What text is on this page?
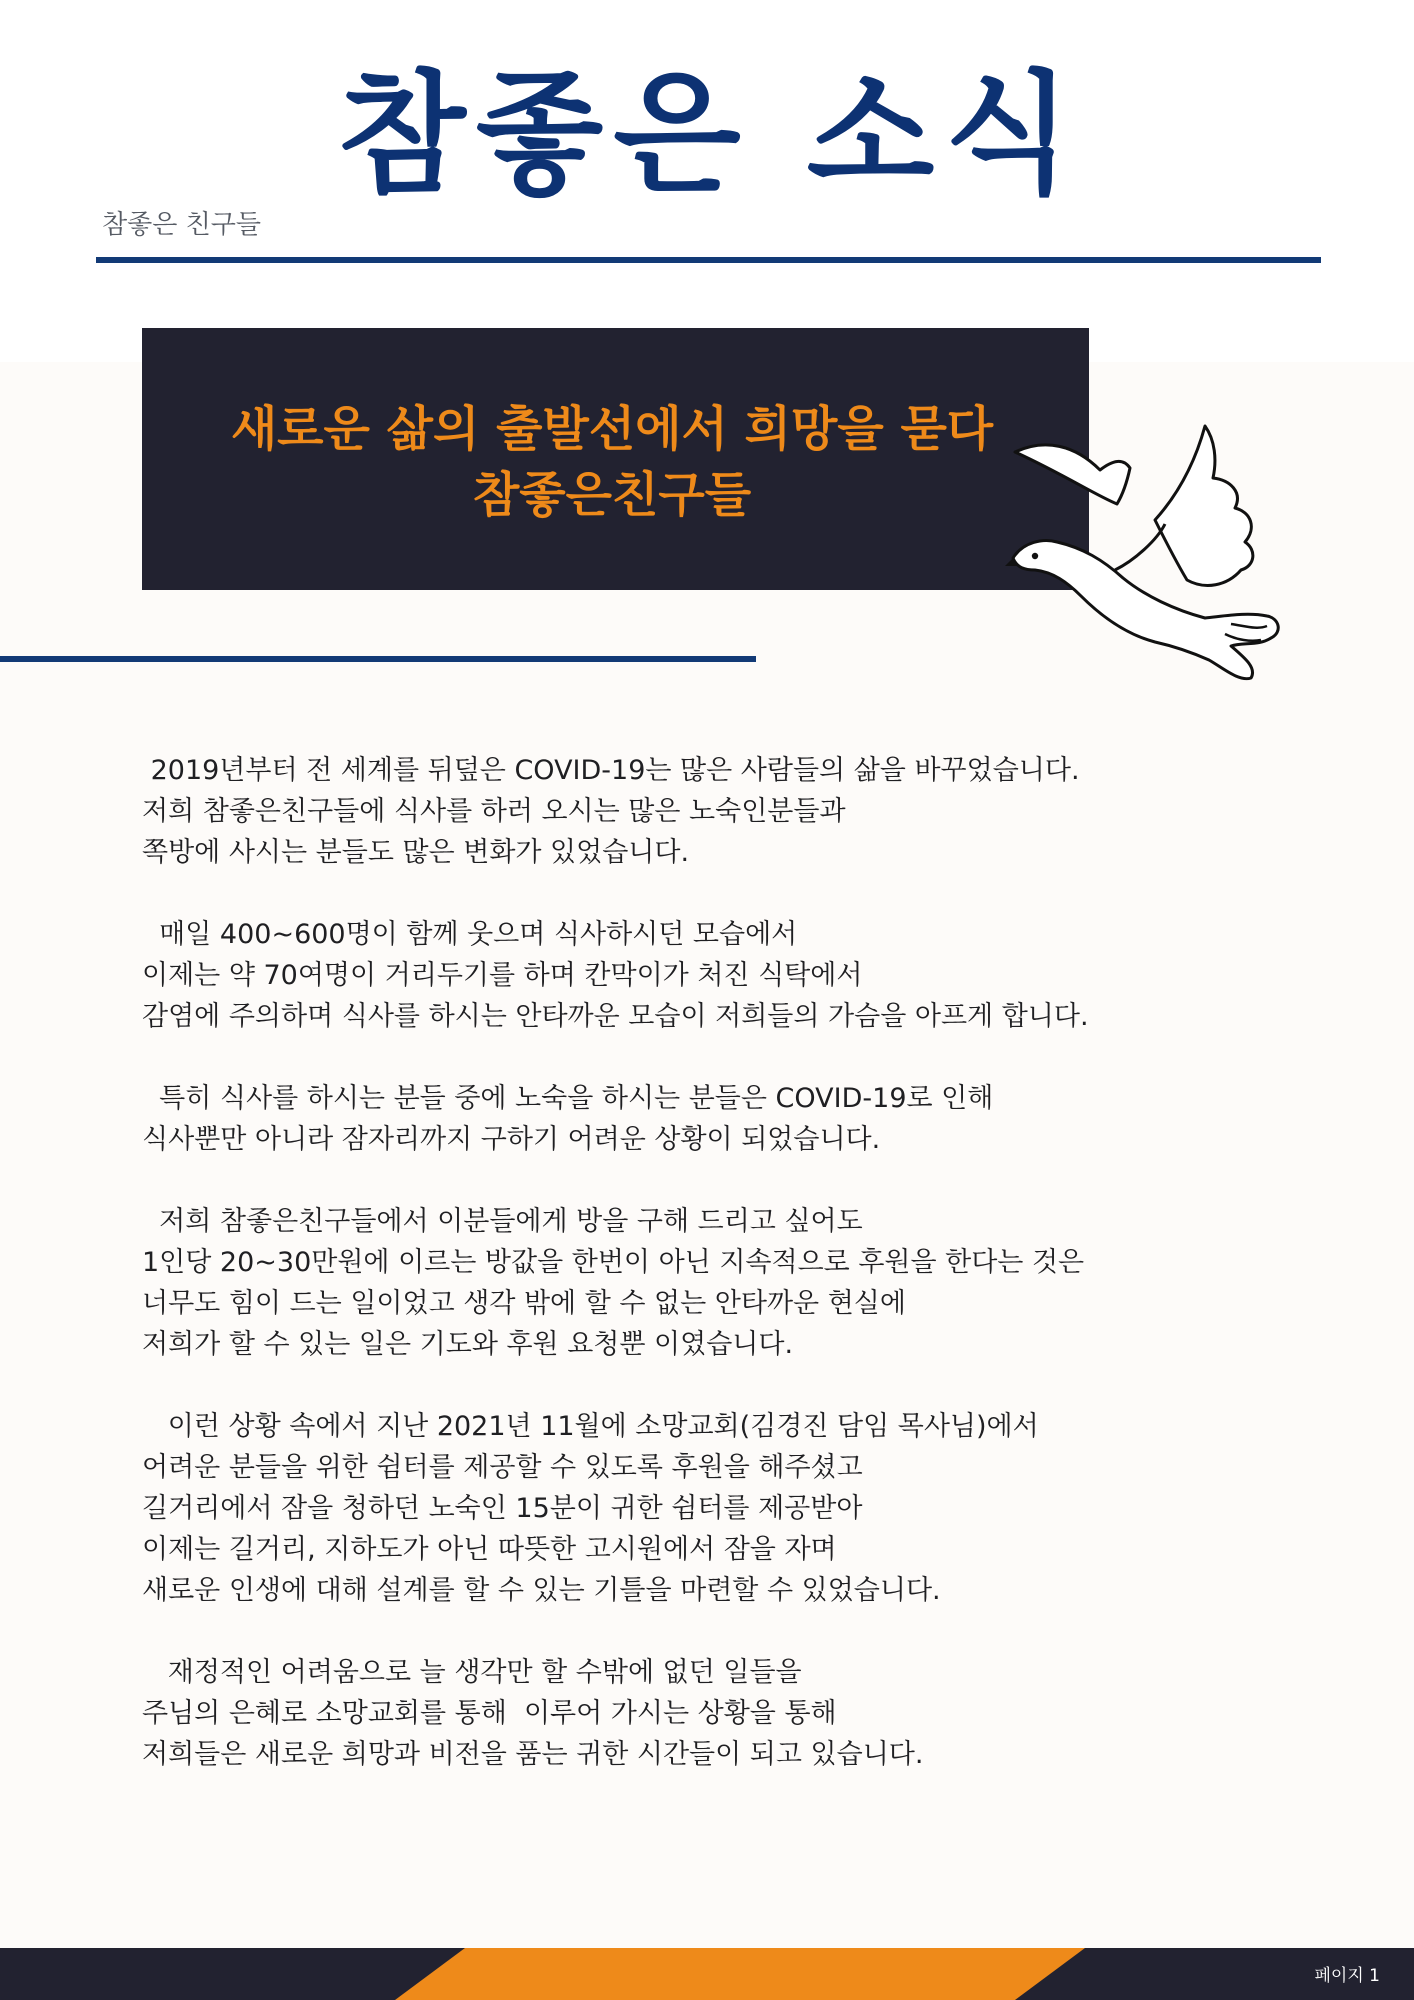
참좋은 친구들
참좋은 소식

새로운 삶의 출발선에서 희망을 묻다

참좋은친구들

2019년부터 전 세계를 뒤덮은 COVID-19는 많은 사람들의 삶을 바꾸었습니다.

저희 참좋은친구들에 식사를 하러 오시는 많은 노숙인분들과

쪽방에 사시는 분들도 많은 변화가 있었습니다.

매일 400~600명이 함께 웃으며 식사하시던 모습에서

이제는 약 70여명이 거리두기를 하며 칸막이가 처진 식탁에서

감염에 주의하며 식사를 하시는 안타까운 모습이 저희들의 가슴을 아프게 합니다.

특히 식사를 하시는 분들 중에 노숙을 하시는 분들은 COVID-19로 인해

식사뿐만 아니라 잠자리까지 구하기 어려운 상황이 되었습니다.

저희 참좋은친구들에서 이분들에게 방을 구해 드리고 싶어도

1인당 20~30만원에 이르는 방값을 한번이 아닌 지속적으로 후원을 한다는 것은

너무도 힘이 드는 일이었고 생각 밖에 할 수 없는 안타까운 현실에

저희가 할 수 있는 일은 기도와 후원 요청뿐 이였습니다.

이런 상황 속에서 지난 2021년 11월에 소망교회(김경진 담임 목사님)에서

어려운 분들을 위한 쉼터를 제공할 수 있도록 후원을 해주셨고

길거리에서 잠을 청하던 노숙인 15분이 귀한 쉼터를 제공받아

이제는 길거리, 지하도가 아닌 따뜻한 고시원에서 잠을 자며

새로운 인생에 대해 설계를 할 수 있는 기틀을 마련할 수 있었습니다.

재정적인 어려움으로 늘 생각만 할 수밖에 없던 일들을

주님의 은혜로 소망교회를 통해  이루어 가시는 상황을 통해

저희들은 새로운 희망과 비전을 품는 귀한 시간들이 되고 있습니다.

페이지 1
